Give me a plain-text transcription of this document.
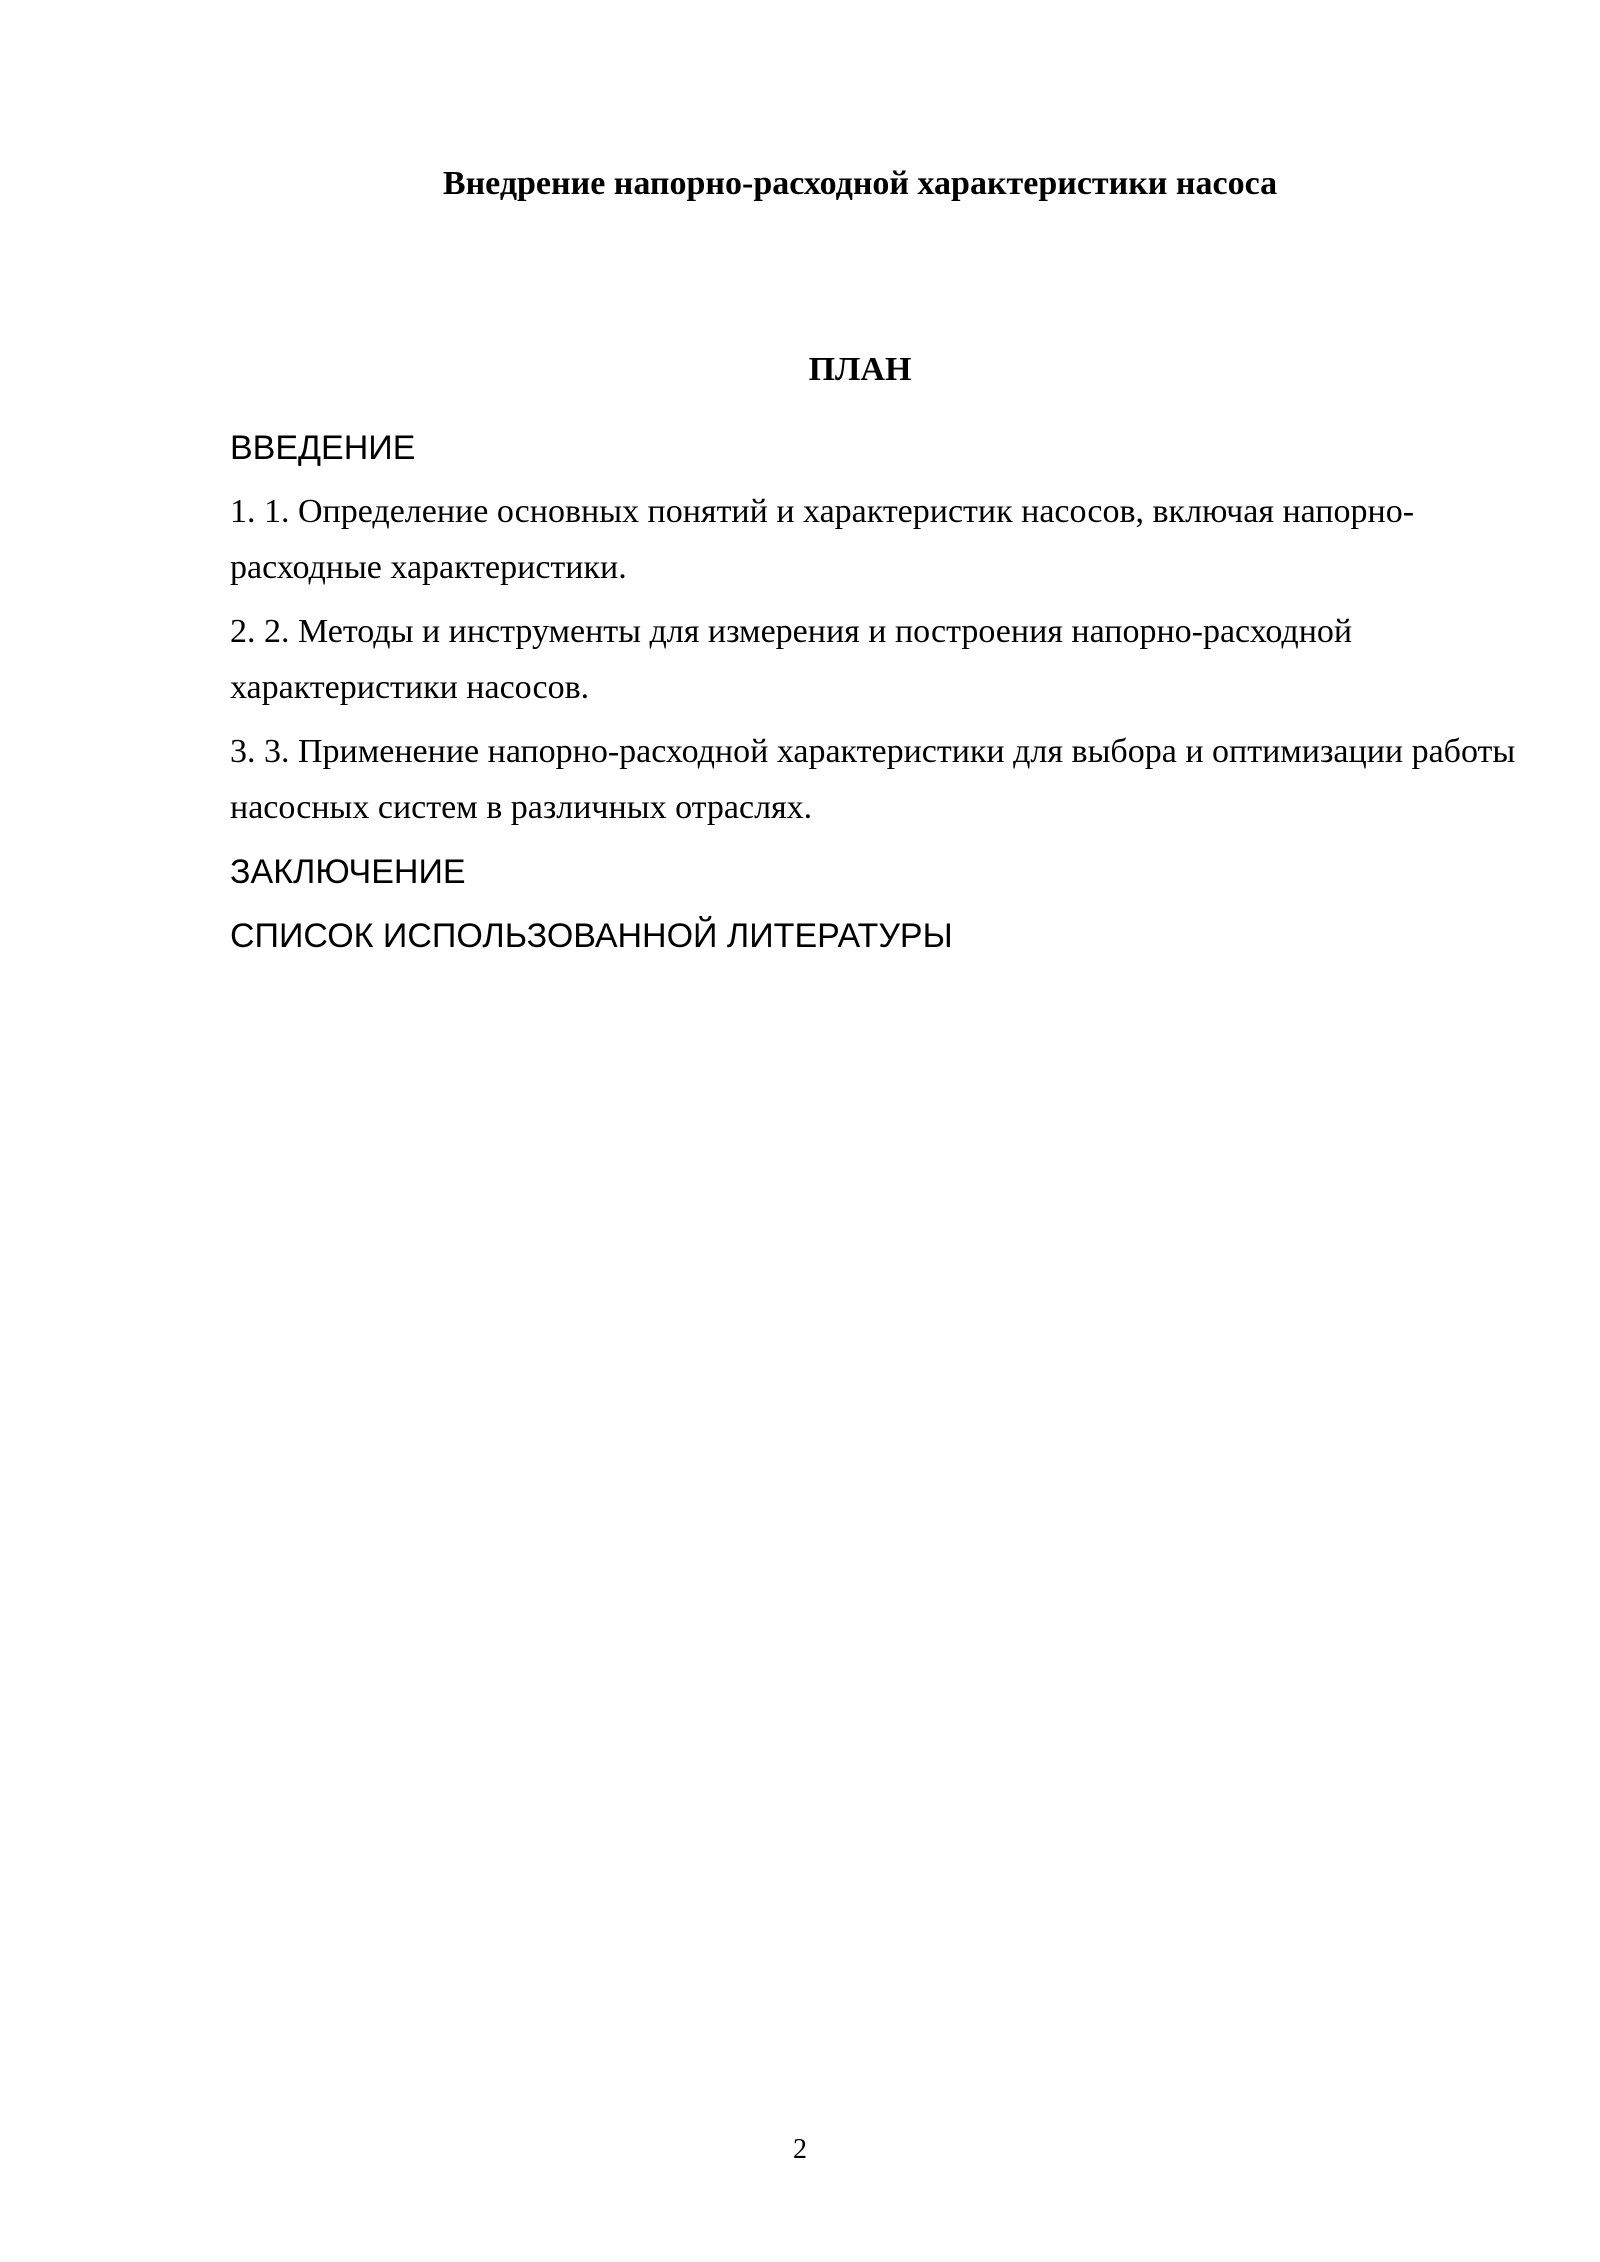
Внедрение напорно-расходной характеристики насоса
ПЛАН
ВВЕДЕНИЕ
1. 1. Определение основных понятий и характеристик насосов, включая напорно-расходные характеристики.
2. 2. Методы и инструменты для измерения и построения напорно-расходной характеристики насосов.
3. 3. Применение напорно-расходной характеристики для выбора и оптимизации работы насосных систем в различных отраслях.
ЗАКЛЮЧЕНИЕ
СПИСОК ИСПОЛЬЗОВАННОЙ ЛИТЕРАТУРЫ
2
